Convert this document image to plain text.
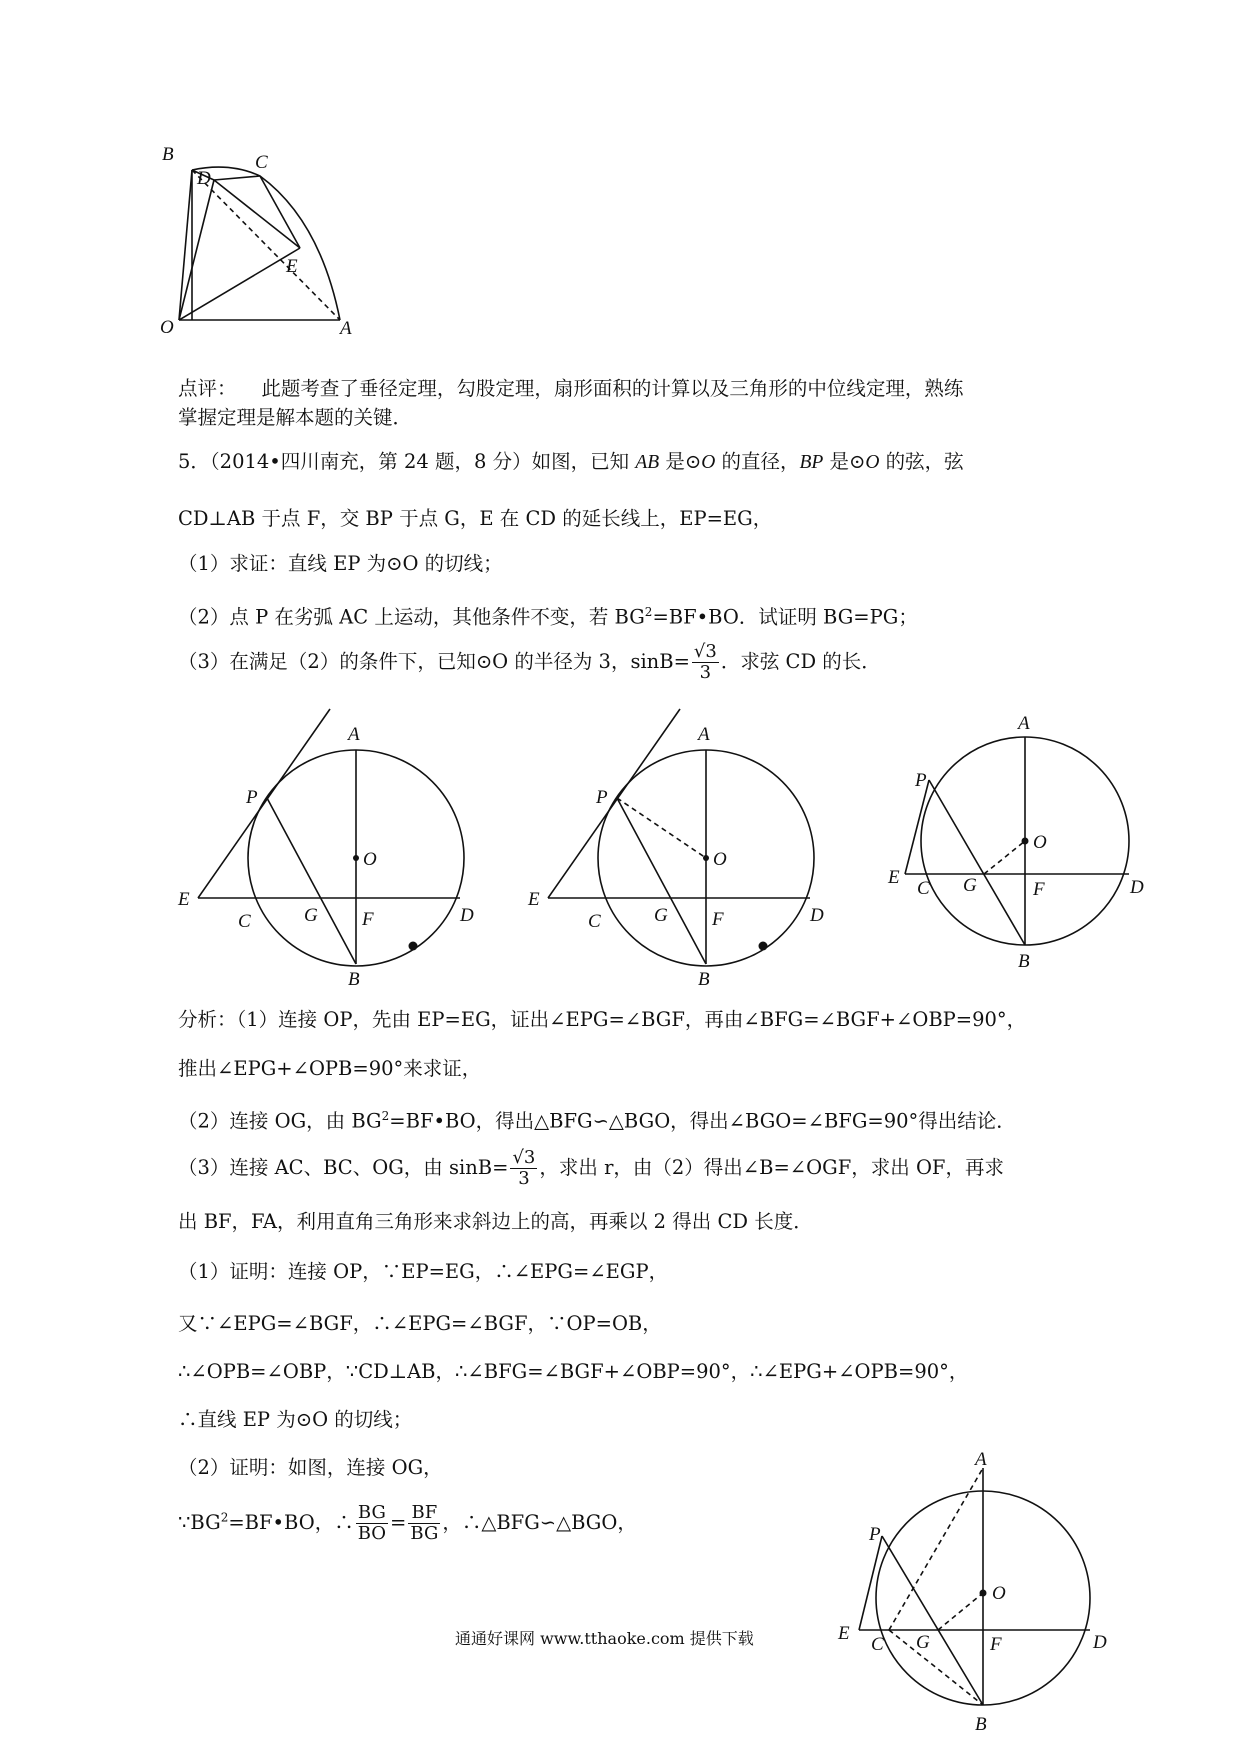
B	C
D
E
O	A
点评： 此题考查了垂径定理，勾股定理，扇形面积的计算以及三角形的中位线定理，熟练
掌握定理是解本题的关键．
5．（2014•四川南充，第 24 题，8 分）如图，已知 AB 是⊙O 的直径，BP 是⊙O 的弦，弦
CD⊥AB 于点 F，交 BP 于点 G，E 在 CD 的延长线上，EP=EG，
（1）求证：直线 EP 为⊙O 的切线；
（2）点 P 在劣弧 AC 上运动，其他条件不变，若 $BG^2=BF•BO$．试证明 BG=PG；
（3）在满足（2）的条件下，已知⊙O 的半径为 3，$\sin B= \frac{√3}{3}$ ．求弦 CD 的长．
A
P
O
E
C	G F	D
B
A
P
O
E
C	G F	D
B
A
P
O
E
C G	F	D
B
分析：（1）连接 OP，先由 EP=EG，证出∠EPG=∠BGF，再由∠BFG=∠BGF+∠OBP=90°，
推出∠EPG+∠OPB=90°来求证，
（2）连接 OG，由 $BG^2=BF•BO$，得出△BFG∽△BGO，得出∠BGO=∠BFG=90°得出结论．
（3）连接 AC、BC、OG，由 $\sin B= \frac{√3}{3}$ ，求出 r，由（2）得出∠B=∠OGF，求出 OF，再求
出 BF，FA，利用直角三角形来求斜边上的高，再乘以 2 得出 CD 长度．
（1）证明：连接 OP，∵EP=EG，∴∠EPG=∠EGP，
又∵∠EPG=∠BGF，∴∠EPG=∠BGF，∵OP=OB，
∴∠OPB=∠OBP，∵CD⊥AB，∴∠BFG=∠BGF+∠OBP=90°，∴∠EPG+∠OPB=90°，
∴直线 EP 为⊙O 的切线；
（2）证明：如图，连接 OG，
$\because BG^2=BF•BO$，∴ $\frac{BG}{BO} = \frac{BF}{BG}$ ，∴△BFG∽△BGO，
A
P
O
E
C G	F	D
B
通通好课网 www.tthaoke.com 提供下载
